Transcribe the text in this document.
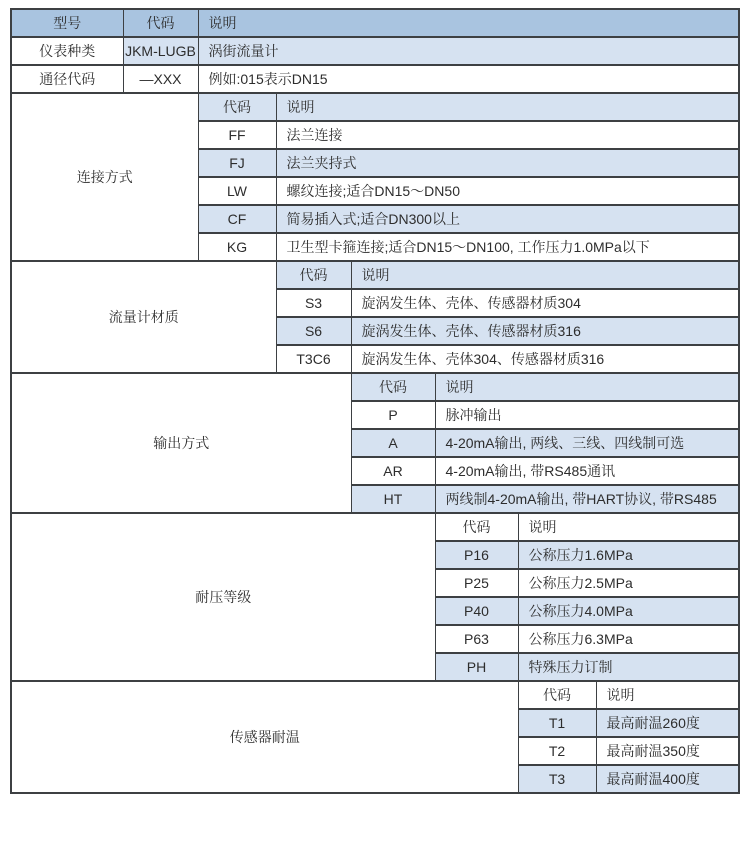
型号	代码	说明					
仪表种类	JKM-LUGB	涡街流量计					
通径代码	—XXX	例如:015表示DN15					
连接方式		代码	说明				
		FF	法兰连接				
		FJ	法兰夹持式				
		LW	螺纹连接;适合DN15～DN50				
		CF	简易插入式;适合DN300以上				
		KG	卫生型卡箍连接;适合DN15～DN100, 工作压力1.0MPa以下				
流量计材质			代码	说明			
			S3	旋涡发生体、壳体、传感器材质304			
			S6	旋涡发生体、壳体、传感器材质316			
			T3C6	旋涡发生体、壳体304、传感器材质316			
输出方式				代码	说明		
				P	脉冲输出		
				A	4-20mA输出, 两线、三线、四线制可选		
				AR	4-20mA输出, 带RS485通讯		
				HT	两线制4-20mA输出, 带HART协议, 带RS485		
耐压等级					代码	说明	
					P16	公称压力1.6MPa	
					P25	公称压力2.5MPa	
					P40	公称压力4.0MPa	
					P63	公称压力6.3MPa	
					PH	特殊压力订制	
传感器耐温						代码	说明
						T1	最高耐温260度
						T2	最高耐温350度
						T3	最高耐温400度
